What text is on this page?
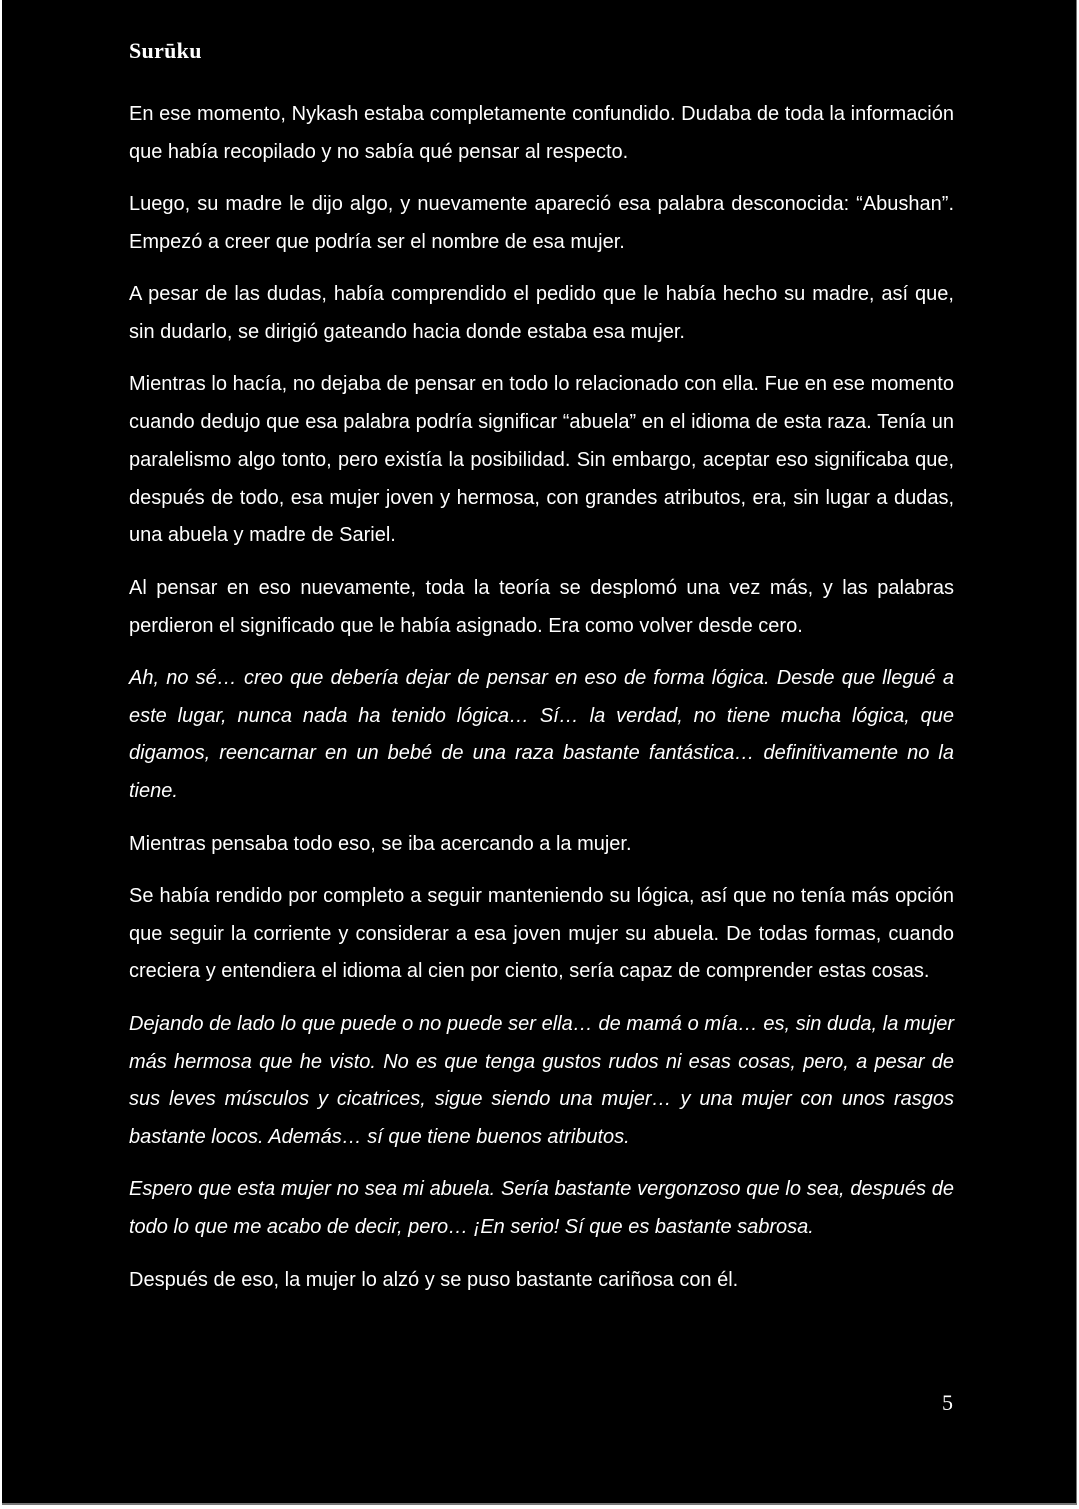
Surūku

En ese momento, Nykash estaba completamente confundido. Dudaba de toda la información que había recopilado y no sabía qué pensar al respecto.

Luego, su madre le dijo algo, y nuevamente apareció esa palabra desconocida: “Abushan”. Empezó a creer que podría ser el nombre de esa mujer.

A pesar de las dudas, había comprendido el pedido que le había hecho su madre, así que, sin dudarlo, se dirigió gateando hacia donde estaba esa mujer.

Mientras lo hacía, no dejaba de pensar en todo lo relacionado con ella. Fue en ese momento cuando dedujo que esa palabra podría significar “abuela” en el idioma de esta raza. Tenía un paralelismo algo tonto, pero existía la posibilidad. Sin embargo, aceptar eso significaba que, después de todo, esa mujer joven y hermosa, con grandes atributos, era, sin lugar a dudas, una abuela y madre de Sariel.

Al pensar en eso nuevamente, toda la teoría se desplomó una vez más, y las palabras perdieron el significado que le había asignado. Era como volver desde cero.

Ah, no sé… creo que debería dejar de pensar en eso de forma lógica. Desde que llegué a este lugar, nunca nada ha tenido lógica… Sí… la verdad, no tiene mucha lógica, que digamos, reencarnar en un bebé de una raza bastante fantástica… definitivamente no la tiene.

Mientras pensaba todo eso, se iba acercando a la mujer.

Se había rendido por completo a seguir manteniendo su lógica, así que no tenía más opción que seguir la corriente y considerar a esa joven mujer su abuela. De todas formas, cuando creciera y entendiera el idioma al cien por ciento, sería capaz de comprender estas cosas.

Dejando de lado lo que puede o no puede ser ella… de mamá o mía… es, sin duda, la mujer más hermosa que he visto. No es que tenga gustos rudos ni esas cosas, pero, a pesar de sus leves músculos y cicatrices, sigue siendo una mujer… y una mujer con unos rasgos bastante locos. Además… sí que tiene buenos atributos.

Espero que esta mujer no sea mi abuela. Sería bastante vergonzoso que lo sea, después de todo lo que me acabo de decir, pero… ¡En serio! Sí que es bastante sabrosa.

Después de eso, la mujer lo alzó y se puso bastante cariñosa con él.

5
